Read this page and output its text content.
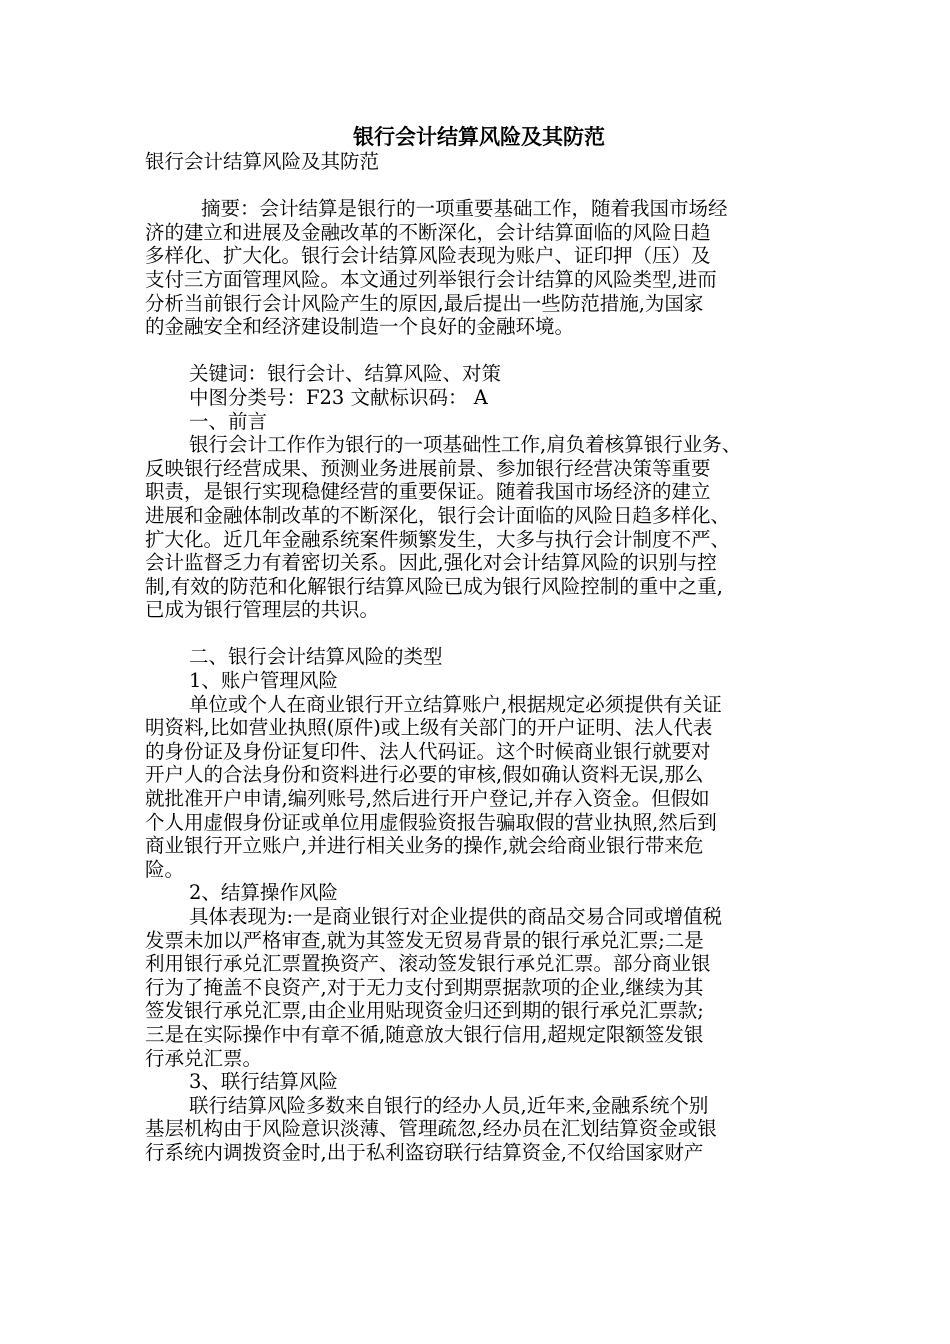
银行会计结算风险及其防范
银行会计结算风险及其防范
摘要：会计结算是银行的一项重要基础工作，随着我国市场经
济的建立和进展及金融改革的不断深化，会计结算面临的风险日趋
多样化、扩大化。银行会计结算风险表现为账户、证印押（压）及
支付三方面管理风险。本文通过列举银行会计结算的风险类型,进而
分析当前银行会计风险产生的原因,最后提出一些防范措施,为国家
的金融安全和经济建设制造一个良好的金融环境。
关键词：银行会计、结算风险、对策
中图分类号：F23 文献标识码： A
一、前言
银行会计工作作为银行的一项基础性工作,肩负着核算银行业务、
反映银行经营成果、预测业务进展前景、参加银行经营决策等重要
职责，是银行实现稳健经营的重要保证。随着我国市场经济的建立
进展和金融体制改革的不断深化，银行会计面临的风险日趋多样化、
扩大化。近几年金融系统案件频繁发生，大多与执行会计制度不严、
会计监督乏力有着密切关系。因此,强化对会计结算风险的识别与控
制,有效的防范和化解银行结算风险已成为银行风险控制的重中之重,
已成为银行管理层的共识。
二、银行会计结算风险的类型
1、账户管理风险
单位或个人在商业银行开立结算账户,根据规定必须提供有关证
明资料,比如营业执照(原件)或上级有关部门的开户证明、法人代表
的身份证及身份证复印件、法人代码证。这个时候商业银行就要对
开户人的合法身份和资料进行必要的审核,假如确认资料无误,那么
就批准开户申请,编列账号,然后进行开户登记,并存入资金。但假如
个人用虚假身份证或单位用虚假验资报告骗取假的营业执照,然后到
商业银行开立账户,并进行相关业务的操作,就会给商业银行带来危
险。
2、结算操作风险
具体表现为:一是商业银行对企业提供的商品交易合同或增值税
发票未加以严格审查,就为其签发无贸易背景的银行承兑汇票;二是
利用银行承兑汇票置换资产、滚动签发银行承兑汇票。部分商业银
行为了掩盖不良资产,对于无力支付到期票据款项的企业,继续为其
签发银行承兑汇票,由企业用贴现资金归还到期的银行承兑汇票款;
三是在实际操作中有章不循,随意放大银行信用,超规定限额签发银
行承兑汇票。
3、联行结算风险
联行结算风险多数来自银行的经办人员,近年来,金融系统个别
基层机构由于风险意识淡薄、管理疏忽,经办员在汇划结算资金或银
行系统内调拨资金时,出于私利盗窃联行结算资金,不仅给国家财产
